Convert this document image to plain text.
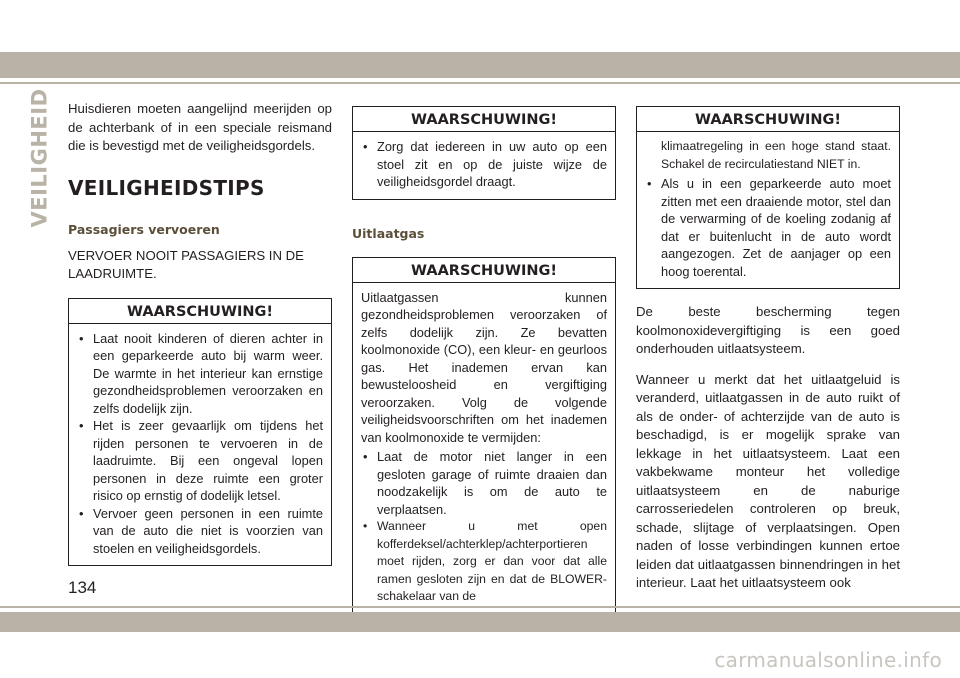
VEILIGHEID Huisdieren moeten aangelijnd meerijden op de achterbank of in een speciale reismand die is bevestigd met de veiligheidsgordels.

VEILIGHEIDSTIPS
Passagiers vervoeren

VERVOER NOOIT PASSAGIERS IN DE LAADRUIMTE.

WAARSCHUWING!
• Laat nooit kinderen of dieren achter in een geparkeerde auto bij warm weer. De warmte in het interieur kan ernstige gezondheidsproblemen veroorzaken en zelfs dodelijk zijn.
• Het is zeer gevaarlijk om tijdens het rijden personen te vervoeren in de laadruimte. Bij een ongeval lopen personen in deze ruimte een groter risico op ernstig of dodelijk letsel.
• Vervoer geen personen in een ruimte van de auto die niet is voorzien van stoelen en veiligheidsgordels.
WAARSCHUWING!
• Zorg dat iedereen in uw auto op een stoel zit en op de juiste wijze de veiligheidsgordel draagt.
Uitlaatgas
WAARSCHUWING!

Uitlaatgassen kunnen gezondheidsproblemen veroorzaken of zelfs dodelijk zijn. Ze bevatten koolmonoxide (CO), een kleur- en geurloos gas. Het inademen ervan kan bewusteloosheid en vergiftiging veroorzaken. Volg de volgende veiligheidsvoorschriften om het inademen van koolmonoxide te vermijden:

• Laat de motor niet langer in een gesloten garage of ruimte draaien dan noodzakelijk is om de auto te verplaatsen.
• Wanneer u met open kofferdeksel/achterklep/achterportieren moet rijden, zorg er dan voor dat alle ramen gesloten zijn en dat de BLOWER-schakelaar van de
WAARSCHUWING!

klimaatregeling in een hoge stand staat. Schakel de recirculatiestand NIET in.

• Als u in een geparkeerde auto moet zitten met een draaiende motor, stel dan de verwarming of de koeling zodanig af dat er buitenlucht in de auto wordt aangezogen. Zet de aanjager op een hoog toerental.

De beste bescherming tegen koolmonoxidevergiftiging is een goed onderhouden uitlaatsysteem.

Wanneer u merkt dat het uitlaatgeluid is veranderd, uitlaatgassen in de auto ruikt of als de onder- of achterzijde van de auto is beschadigd, is er mogelijk sprake van lekkage in het uitlaatsysteem. Laat een vakbekwame monteur het volledige uitlaatsysteem en de naburige carrosseriedelen controleren op breuk, schade, slijtage of verplaatsingen. Open naden of losse verbindingen kunnen ertoe leiden dat uitlaatgassen binnendringen in het interieur. Laat het uitlaatsysteem ook

134
carmanualsonline.info
